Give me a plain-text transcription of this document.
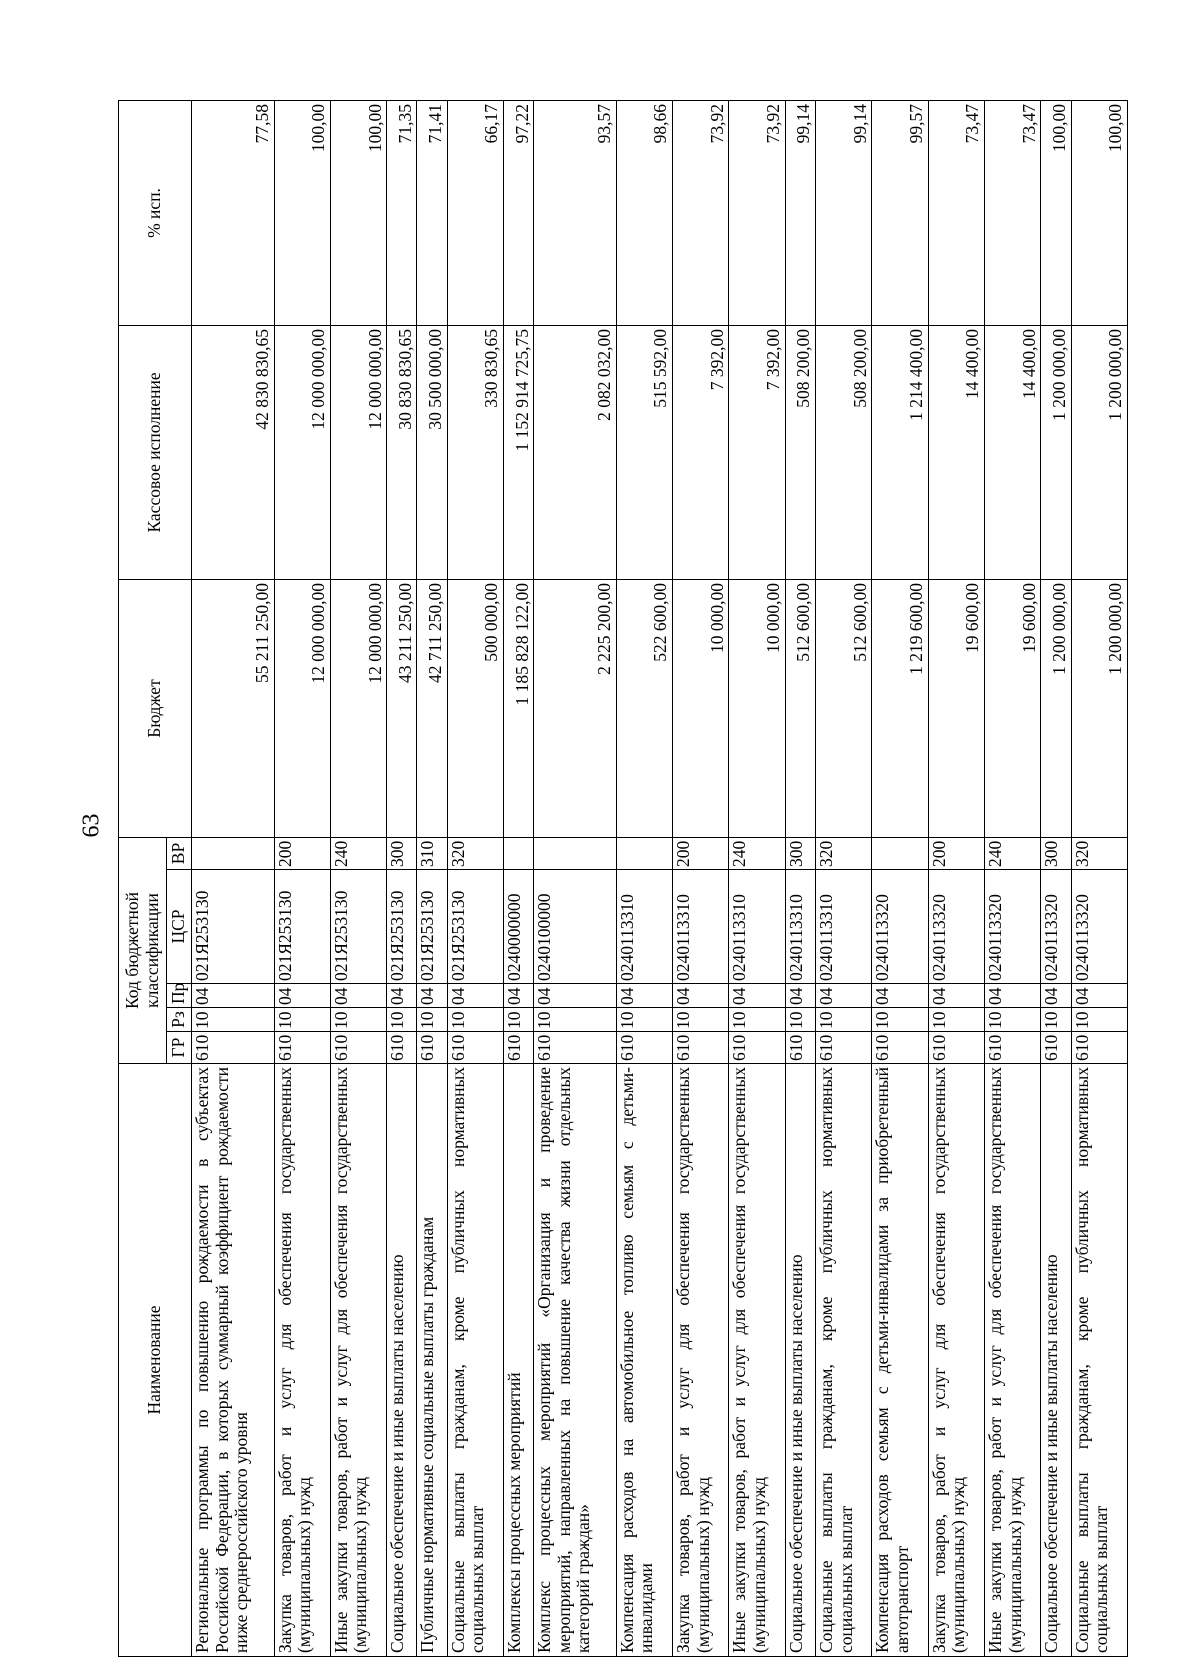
63
Наименование	Код бюджетной классификации					Бюджет	Кассовое исполнение	% исп.
	ГР	Рз	Пр	ЦСР	ВР			
Региональные программы по повышению рождаемости в субъектах Российской Федерации, в которых суммарный коэффициент рождаемости ниже среднероссийского уровня	610	10	04	021Я253130		55 211 250,00	42 830 830,65	77,58
Закупка товаров, работ и услуг для обеспечения государственных (муниципальных) нужд	610	10	04	021Я253130	200	12 000 000,00	12 000 000,00	100,00
Иные закупки товаров, работ и услуг для обеспечения государственных (муниципальных) нужд	610	10	04	021Я253130	240	12 000 000,00	12 000 000,00	100,00
Социальное обеспечение и иные выплаты населению	610	10	04	021Я253130	300	43 211 250,00	30 830 830,65	71,35
Публичные нормативные социальные выплаты гражданам	610	10	04	021Я253130	310	42 711 250,00	30 500 000,00	71,41
Социальные выплаты гражданам, кроме публичных нормативных социальных выплат	610	10	04	021Я253130	320	500 000,00	330 830,65	66,17
Комплексы процессных мероприятий	610	10	04	0240000000		1 185 828 122,00	1 152 914 725,75	97,22
Комплекс процессных мероприятий «Организация и проведение мероприятий, направленных на повышение качества жизни отдельных категорий граждан»	610	10	04	0240100000		2 225 200,00	2 082 032,00	93,57
Компенсация расходов на автомобильное топливо семьям с детьми-инвалидами	610	10	04	0240113310		522 600,00	515 592,00	98,66
Закупка товаров, работ и услуг для обеспечения государственных (муниципальных) нужд	610	10	04	0240113310	200	10 000,00	7 392,00	73,92
Иные закупки товаров, работ и услуг для обеспечения государственных (муниципальных) нужд	610	10	04	0240113310	240	10 000,00	7 392,00	73,92
Социальное обеспечение и иные выплаты населению	610	10	04	0240113310	300	512 600,00	508 200,00	99,14
Социальные выплаты гражданам, кроме публичных нормативных социальных выплат	610	10	04	0240113310	320	512 600,00	508 200,00	99,14
Компенсация расходов семьям с детьми-инвалидами за приобретенный автотранспорт	610	10	04	0240113320		1 219 600,00	1 214 400,00	99,57
Закупка товаров, работ и услуг для обеспечения государственных (муниципальных) нужд	610	10	04	0240113320	200	19 600,00	14 400,00	73,47
Иные закупки товаров, работ и услуг для обеспечения государственных (муниципальных) нужд	610	10	04	0240113320	240	19 600,00	14 400,00	73,47
Социальное обеспечение и иные выплаты населению	610	10	04	0240113320	300	1 200 000,00	1 200 000,00	100,00
Социальные выплаты гражданам, кроме публичных нормативных социальных выплат	610	10	04	0240113320	320	1 200 000,00	1 200 000,00	100,00
